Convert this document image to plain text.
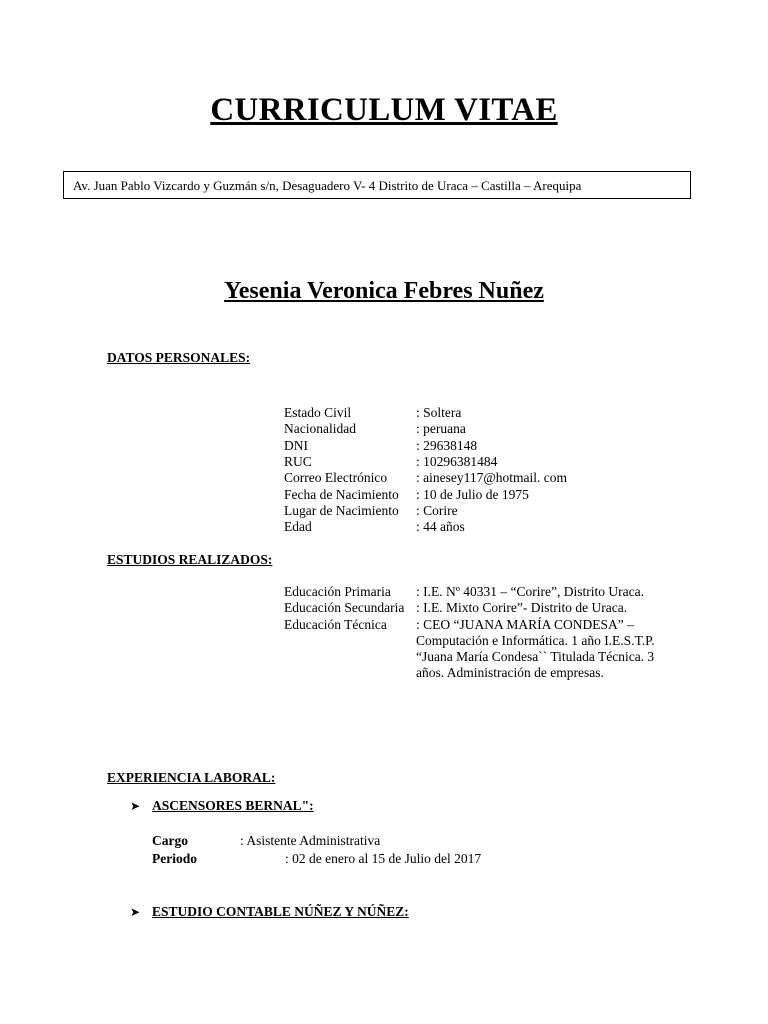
CURRICULUM VITAE
Av. Juan Pablo Vizcardo y Guzmán s/n, Desaguadero V- 4 Distrito de Uraca – Castilla – Arequipa
Yesenia Veronica Febres Nuñez
DATOS PERSONALES:
Estado Civil	: Soltera
Nacionalidad	: peruana
DNI	: 29638148
RUC	: 10296381484
Correo Electrónico : ainesey117@hotmail. com
Fecha de Nacimiento : 10 de Julio de 1975
Lugar de Nacimiento : Corire
Edad	: 44 años
ESTUDIOS REALIZADOS:
Educación Primaria : I.E. Nº 40331 – “Corire”, Distrito Uraca.
Educación Secundaria : I.E. Mixto Corire”- Distrito de Uraca.
Educación Técnica : CEO “JUANA MARÍA CONDESA” – Computación e Informática. 1 año I.E.S.T.P. “Juana María Condesa`` Titulada Técnica. 3 años. Administración de empresas.
EXPERIENCIA LABORAL:
➤ ASCENSORES BERNAL":
Cargo	: Asistente Administrativa
Periodo	: 02 de enero al 15 de Julio del 2017
➤ ESTUDIO CONTABLE NÚÑEZ Y NÚÑEZ:
